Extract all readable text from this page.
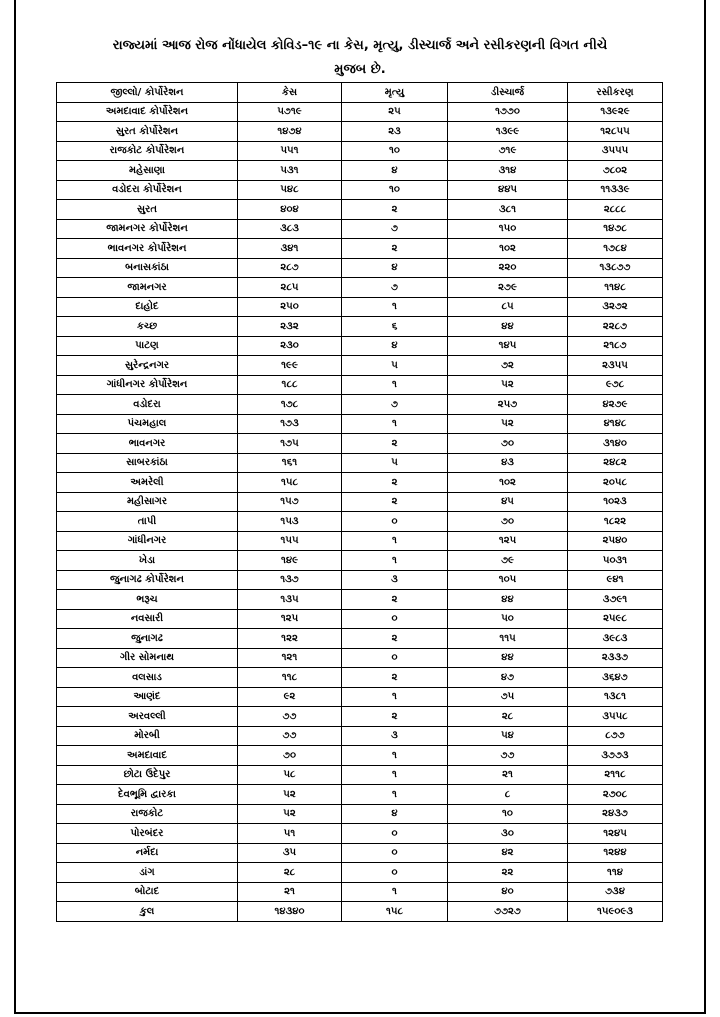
રાજ્યમાં આજ રોજ નોંધાયેલ કોવિડ–૧૯ ના કેસ, મૃત્યુ, ડીસ્ચાર્જ અને રસીકરણની વિગત નીચે
મુજબ છે.
જીલ્લો/ કોર્પોરેશન	કેસ	મૃત્યુ	ડીસ્ચાર્જ	રસીકરણ
અમદાવાદ કોર્પોરેશન	૫૭૧૯	૨૫	૧૭૭૦	૧૩૯૨૯
સુરત કોર્પોરેશન	૧૪૭૪	૨૩	૧૩૯૯	૧૨૮૫૫
રાજકોટ કોર્પોરેશન	૫૫૧	૧૦	૭૧૯	૩૫૫૫
મહેસાણા	૫૩૧	૪	૩૧૪	૭૮૦૨
વડોદરા કોર્પોરેશન	૫૪૮	૧૦	૪૪૫	૧૧૩૩૯
સુરત	૪૦૪	૨	૩૮૧	૨૮૮૮
જામનગર કોર્પોરેશન	૩૮૩	૭	૧૫૦	૧૪૭૮
ભાવનગર કોર્પોરેશન	૩૪૧	૨	૧૦૨	૧૭૮૪
બનાસકાંઠા	૨૮૭	૪	૨૨૦	૧૩૮૭૭
જામનગર	૨૮૫	૭	૨૭૯	૧૧૪૮
દાહોદ	૨૫૦	૧	૮૫	૩૨૭૨
કચ્છ	૨૩૨	૬	૪૪	૨૨૮૭
પાટણ	૨૩૦	૪	૧૪૫	૨૧૮૭
સુરેન્દ્રનગર	૧૯૯	૫	૭૨	૨૩૫૫
ગાંધીનગર કોર્પોરેશન	૧૮૮	૧	૫૨	૯૭૮
વડોદરા	૧૭૮	૭	૨૫૭	૪૨૭૯
પંચમહાલ	૧૭૩	૧	૫૨	૪૧૪૮
ભાવનગર	૧૭૫	૨	૭૦	૩૧૪૦
સાબરકાંઠા	૧૬૧	૫	૪૩	૨૪૮૨
અમરેલી	૧૫૮	૨	૧૦૨	૨૦૫૮
મહીસાગર	૧૫૭	૨	૪૫	૧૦૨૩
તાપી	૧૫૩	૦	૭૦	૧૮૨૨
ગાંધીનગર	૧૫૫	૧	૧૨૫	૨૫૪૦
ખેડા	૧૪૯	૧	૭૯	૫૦૩૧
જુનાગઢ કોર્પોરેશન	૧૩૭	૩	૧૦૫	૯૪૧
ભરૂચ	૧૩૫	૨	૪૪	૩૭૯૧
નવસારી	૧૨૫	૦	૫૦	૨૫૯૮
જુનાગઢ	૧૨૨	૨	૧૧૫	૩૯૮૩
ગીર સોમનાથ	૧૨૧	૦	૪૪	૨૩૩૭
વલસાડ	૧૧૮	૨	૪૭	૩૬૪૭
આણંદ	૯૨	૧	૭૫	૧૩૮૧
અરવલ્લી	૭૭	૨	૨૮	૩૫૫૮
મોરબી	૭૭	૩	૫૪	૮૭૭
અમદાવાદ	૭૦	૧	૭૭	૩૭૭૩
છોટા ઉદેપુર	૫૮	૧	૨૧	૨૧૧૮
દેવભૂમિ દ્વારકા	૫૨	૧	૮	૨૭૦૮
રાજકોટ	૫૨	૪	૧૦	૨૪૩૭
પોરબંદર	૫૧	૦	૩૦	૧૨૪૫
નર્મદા	૩૫	૦	૪૨	૧૨૪૪
ડાંગ	૨૮	૦	૨૨	૧૧૪
બોટાદ	૨૧	૧	૪૦	૭૩૪
કુલ	૧૪૩૪૦	૧૫૮	૭૭૨૭	૧૫૯૦૯૩
